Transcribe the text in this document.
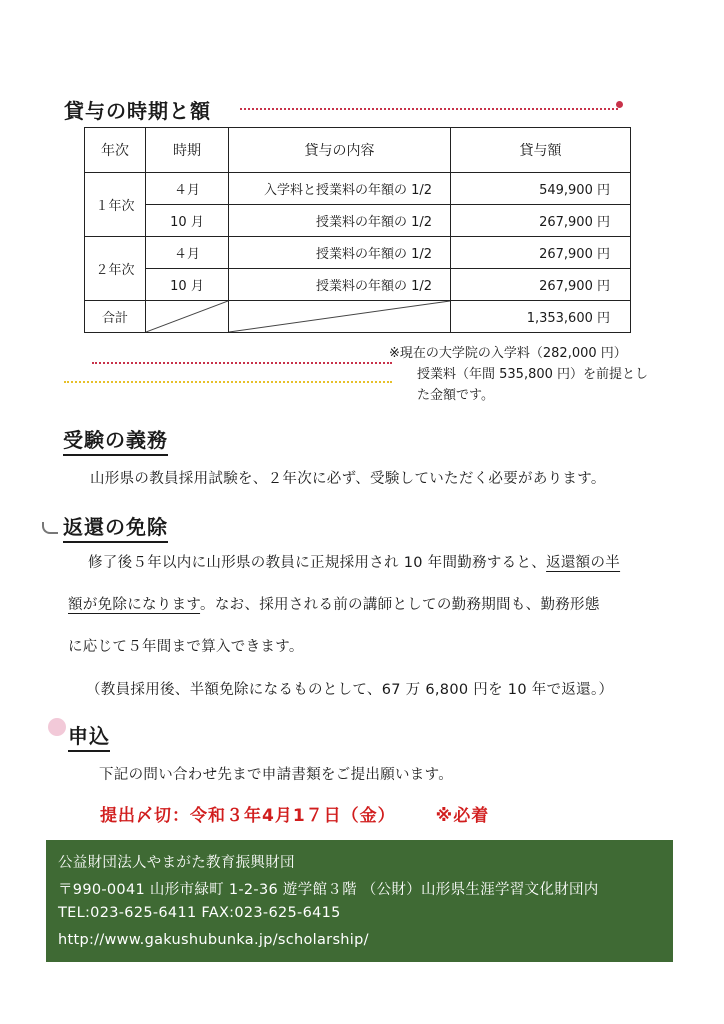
貸与の時期と額
年次	時期	貸与の内容	貸与額
１年次	４月	入学料と授業料の年額の 1/2	549,900 円
	10 月	授業料の年額の 1/2	267,900 円
２年次	４月	授業料の年額の 1/2	267,900 円
	10 月	授業料の年額の 1/2	267,900 円
合計			1,353,600 円
※現在の大学院の入学料（282,000 円）
授業料（年間 535,800 円）を前提とし
た金額です。
受験の義務
山形県の教員採用試験を、２年次に必ず、受験していただく必要があります。
返還の免除
修了後５年以内に山形県の教員に正規採用され 10 年間勤務すると、返還額の半
額が免除になります。なお、採用される前の講師としての勤務期間も、勤務形態
に応じて５年間まで算入できます。
（教員採用後、半額免除になるものとして、67 万 6,800 円を 10 年で返還。）
申込
下記の問い合わせ先まで申請書類をご提出願います。
提出〆切：令和３年4月1７日（金） ※必着
公益財団法人やまがた教育振興財団
〒990-0041 山形市緑町 1-2-36 遊学館３階 （公財）山形県生涯学習文化財団内
TEL:023-625-6411 FAX:023-625-6415
http://www.gakushubunka.jp/scholarship/
